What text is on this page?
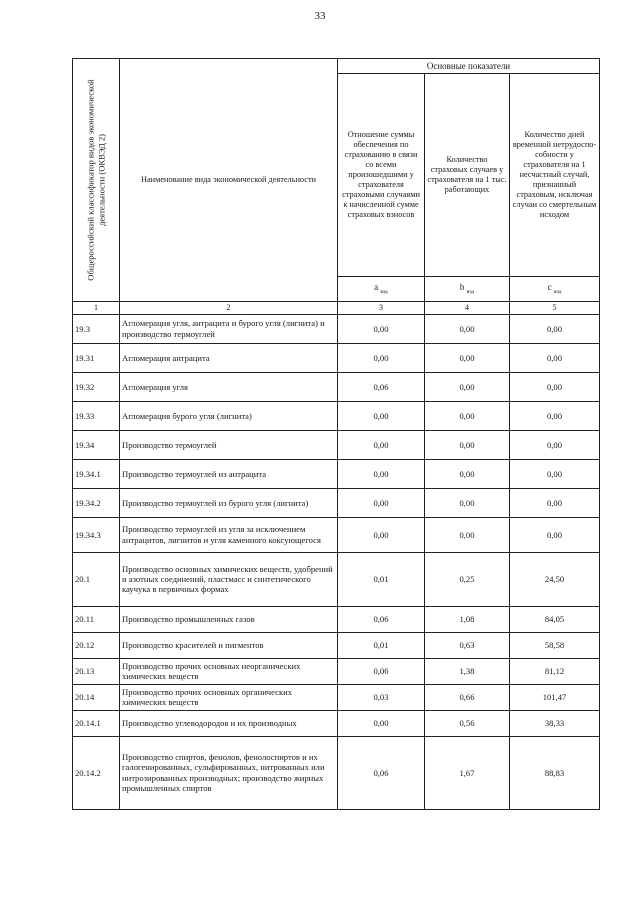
33
Общероссийский классификатор видов экономической деятельности (ОКВЭД 2)	Наименование вида экономической деятельности	Основные показатели		
		Отношение суммы обеспечения по страхованию в связи со всеми произошедшими у страхователя страховыми случаями к начисленной сумме страховых взносов	Количество страховых случаев у страхователя на 1 тыс. работающих	Количество дней временной нетрудоспо-собности у страхователя на 1 несчастный случай, признанный страховым, исключая случаи со смертельным исходом
		a $_{вэд}$	b $_{вэд}$	c $_{вэд}$
1	2	3	4	5
19.3	Агломерация угля, антрацита и бурого угля (лигнита) и производство термоуглей	0,00	0,00	0,00
19.31	Агломерация антрацита	0,00	0,00	0,00
19.32	Агломерация угля	0,06	0,00	0,00
19.33	Агломерация бурого угля (лигнита)	0,00	0,00	0,00
19.34	Производство термоуглей	0,00	0,00	0,00
19.34.1	Производство термоуглей из антрацита	0,00	0,00	0,00
19.34.2	Производство термоуглей из бурого угля (лигнита)	0,00	0,00	0,00
19.34.3	Производство термоуглей из угля за исключением антрацитов, лигнитов и угля каменного коксующегося	0,00	0,00	0,00
20.1	Производство основных химических веществ, удобрений и азотных соединений, пластмасс и синтетического каучука в первичных формах	0,01	0,25	24,50
20.11	Производство промышленных газов	0,06	1,08	84,05
20.12	Производство красителей и пигментов	0,01	0,63	58,58
20.13	Производство прочих основных неорганических химических веществ	0,06	1,38	81,12
20.14	Производство прочих основных органических химических веществ	0,03	0,66	101,47
20.14.1	Производство углеводородов и их производных	0,00	0,56	38,33
20.14.2	Производство спиртов, фенолов, фенолоспиртов и их галогенированных, сульфированных, нитрованных или нитрозированных производных; производство жирных промышленных спиртов	0,06	1,67	88,83
